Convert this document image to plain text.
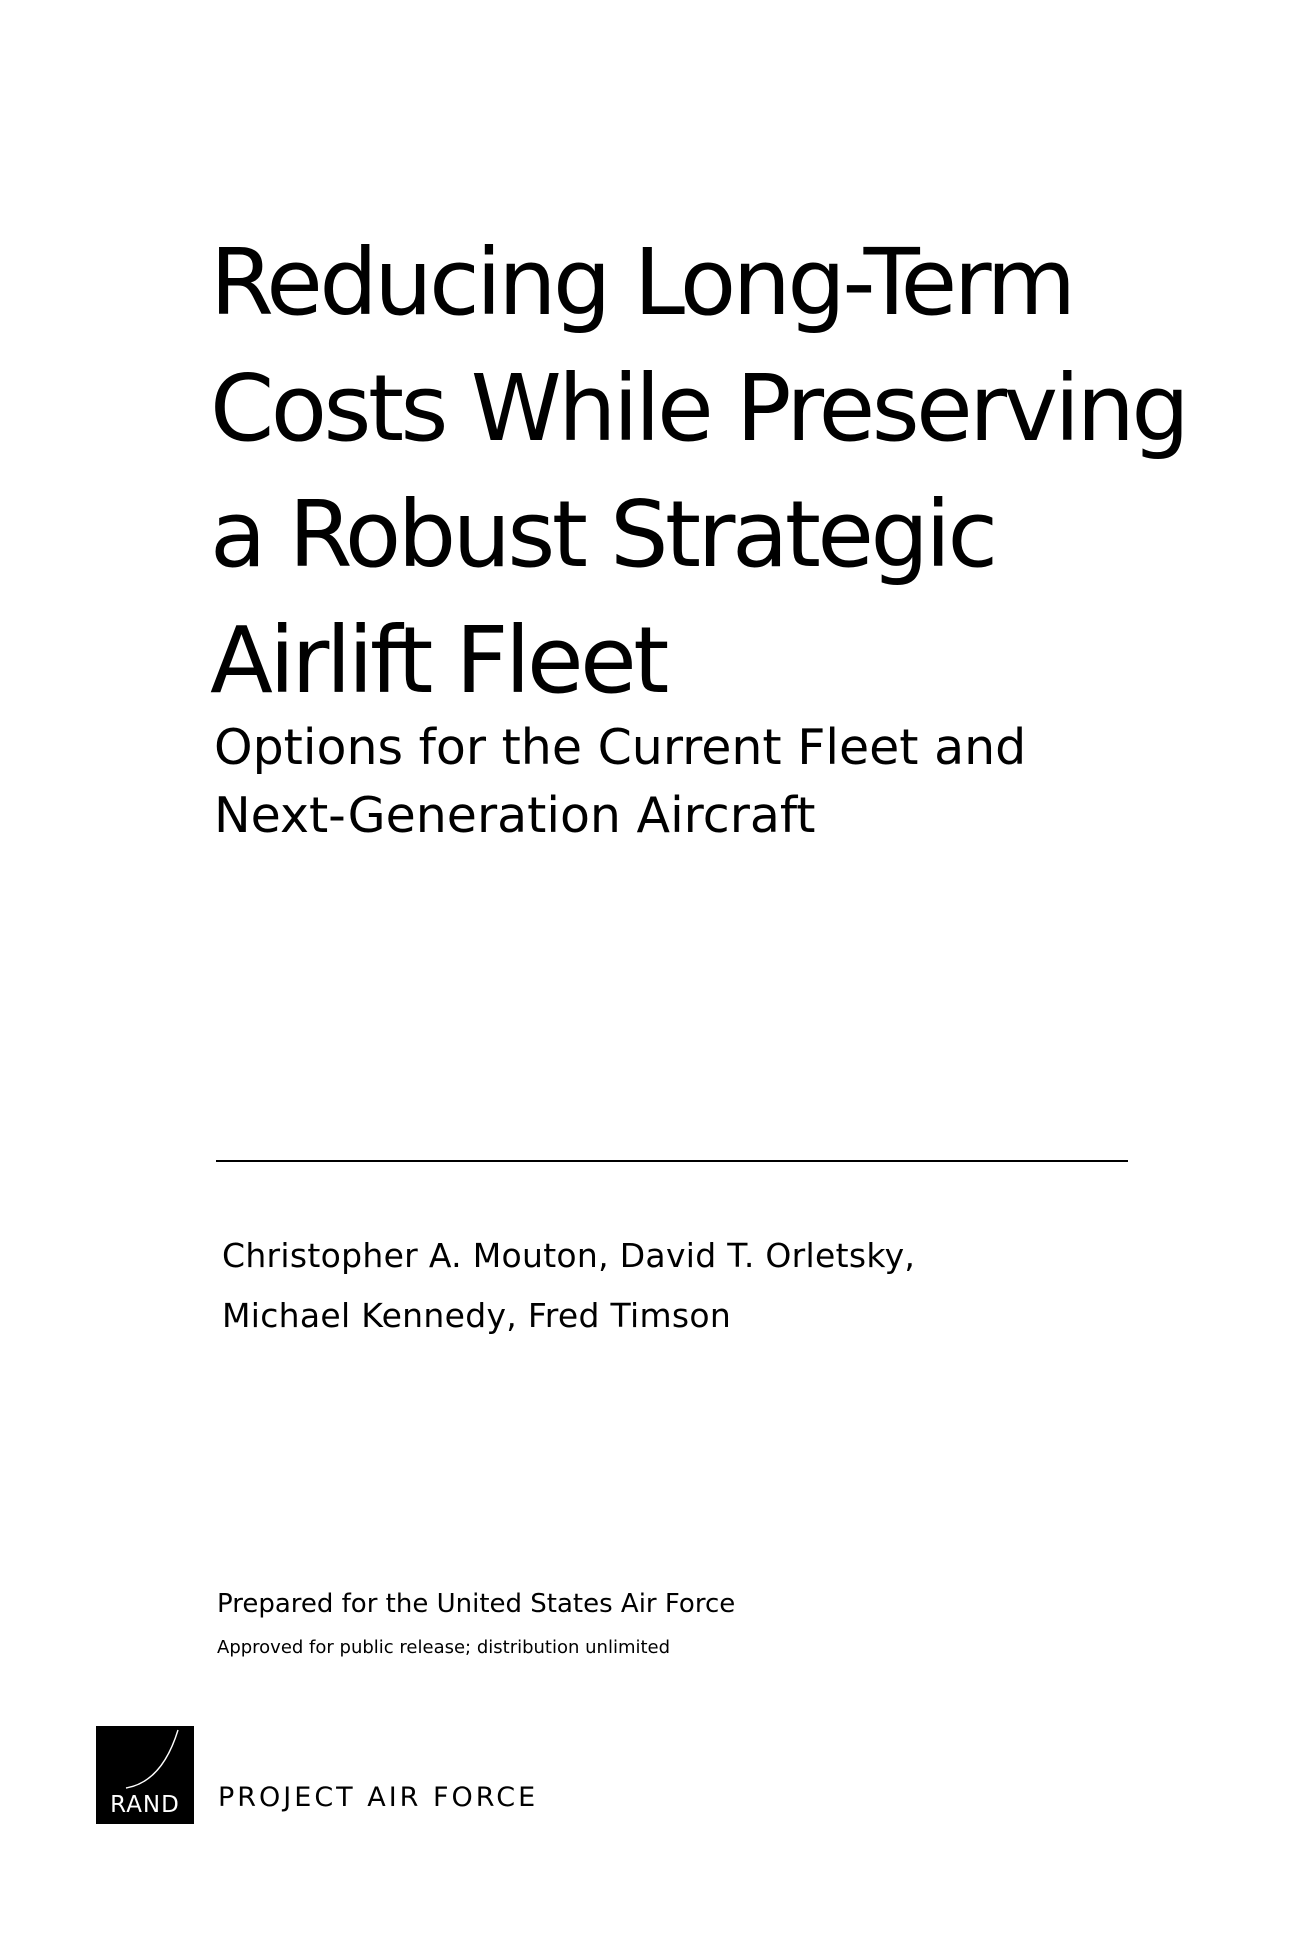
Reducing Long-Term
Costs While Preserving
a Robust Strategic
Airlift Fleet
Options for the Current Fleet and
Next-Generation Aircraft
Christopher A. Mouton, David T. Orletsky,
Michael Kennedy, Fred Timson
Prepared for the United States Air Force
Approved for public release; distribution unlimited
RAND	PROJECT AIR FORCE
